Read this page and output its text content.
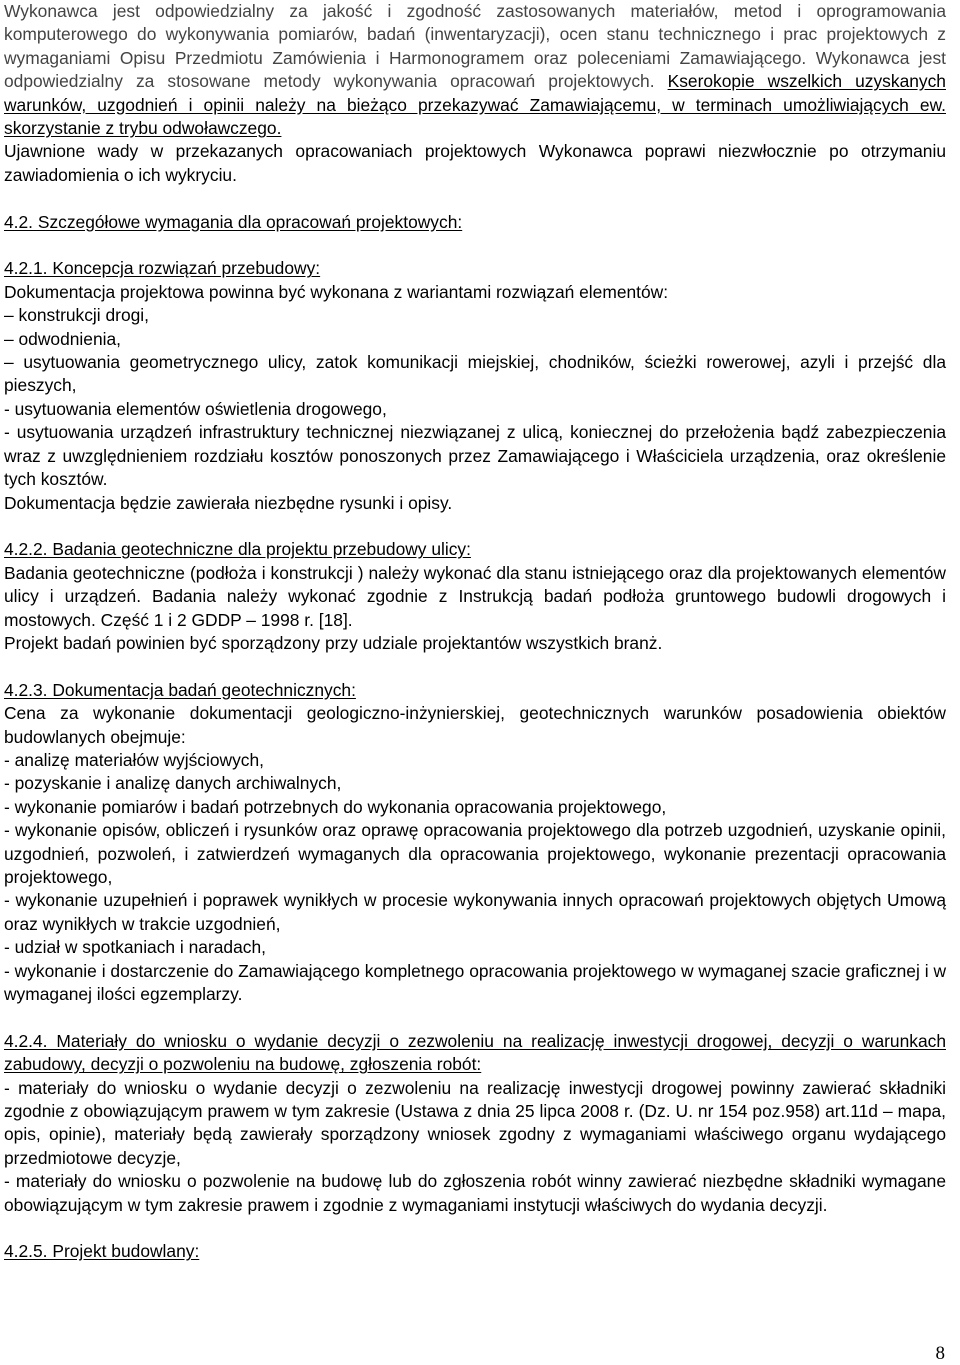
Wykonawca jest odpowiedzialny za jakość i zgodność zastosowanych materiałów, metod i oprogramowania komputerowego do wykonywania pomiarów, badań (inwentaryzacji), ocen stanu technicznego i prac projektowych z wymaganiami Opisu Przedmiotu Zamówienia i Harmonogramem oraz poleceniami Zamawiającego. Wykonawca jest odpowiedzialny za stosowane metody wykonywania opracowań projektowych. Kserokopie wszelkich uzyskanych warunków, uzgodnień i opinii należy na bieżąco przekazywać Zamawiającemu, w terminach umożliwiających ew. skorzystanie z trybu odwoławczego.

Ujawnione wady w przekazanych opracowaniach projektowych Wykonawca poprawi niezwłocznie po otrzymaniu zawiadomienia o ich wykryciu.

4.2. Szczegółowe wymagania dla opracowań projektowych:

4.2.1. Koncepcja rozwiązań przebudowy:

Dokumentacja projektowa powinna być wykonana z wariantami rozwiązań elementów:

– konstrukcji drogi,

– odwodnienia,

– usytuowania geometrycznego ulicy, zatok komunikacji miejskiej, chodników, ścieżki rowerowej, azyli i przejść dla pieszych,

- usytuowania elementów oświetlenia drogowego,

- usytuowania urządzeń infrastruktury technicznej niezwiązanej z ulicą, koniecznej do przełożenia bądź zabezpieczenia wraz z uwzględnieniem rozdziału kosztów ponoszonych przez Zamawiającego i Właściciela urządzenia, oraz określenie tych kosztów.

Dokumentacja będzie zawierała niezbędne rysunki i opisy.

4.2.2. Badania geotechniczne dla projektu przebudowy ulicy:

Badania geotechniczne (podłoża i konstrukcji ) należy wykonać dla stanu istniejącego oraz dla projektowanych elementów ulicy i urządzeń. Badania należy wykonać zgodnie z Instrukcją badań podłoża gruntowego budowli drogowych i mostowych. Część 1 i 2 GDDP – 1998 r. [18].

Projekt badań powinien być sporządzony przy udziale projektantów wszystkich branż.

4.2.3. Dokumentacja badań geotechnicznych:

Cena za wykonanie dokumentacji geologiczno-inżynierskiej, geotechnicznych warunków posadowienia obiektów budowlanych obejmuje:

- analizę materiałów wyjściowych,

- pozyskanie i analizę danych archiwalnych,

- wykonanie pomiarów i badań potrzebnych do wykonania opracowania projektowego,

- wykonanie opisów, obliczeń i rysunków oraz oprawę opracowania projektowego dla potrzeb uzgodnień, uzyskanie opinii, uzgodnień, pozwoleń, i zatwierdzeń wymaganych dla opracowania projektowego, wykonanie prezentacji opracowania projektowego,

- wykonanie uzupełnień i poprawek wynikłych w procesie wykonywania innych opracowań projektowych objętych Umową oraz wynikłych w trakcie uzgodnień,

- udział w spotkaniach i naradach,

- wykonanie i dostarczenie do Zamawiającego kompletnego opracowania projektowego w wymaganej szacie graficznej i w wymaganej ilości egzemplarzy.

4.2.4. Materiały do wniosku o wydanie decyzji o zezwoleniu na realizację inwestycji drogowej, decyzji o warunkach zabudowy, decyzji o pozwoleniu na budowę, zgłoszenia robót:

- materiały do wniosku o wydanie decyzji o zezwoleniu na realizację inwestycji drogowej powinny zawierać składniki zgodnie z obowiązującym prawem w tym zakresie (Ustawa z dnia 25 lipca 2008 r. (Dz. U. nr 154 poz.958) art.11d – mapa, opis, opinie), materiały będą zawierały sporządzony wniosek zgodny z wymaganiami właściwego organu wydającego przedmiotowe decyzje,

- materiały do wniosku o pozwolenie na budowę lub do zgłoszenia robót winny zawierać niezbędne składniki wymagane obowiązującym w tym zakresie prawem i zgodnie z wymaganiami instytucji właściwych do wydania decyzji.

4.2.5. Projekt budowlany:

8
